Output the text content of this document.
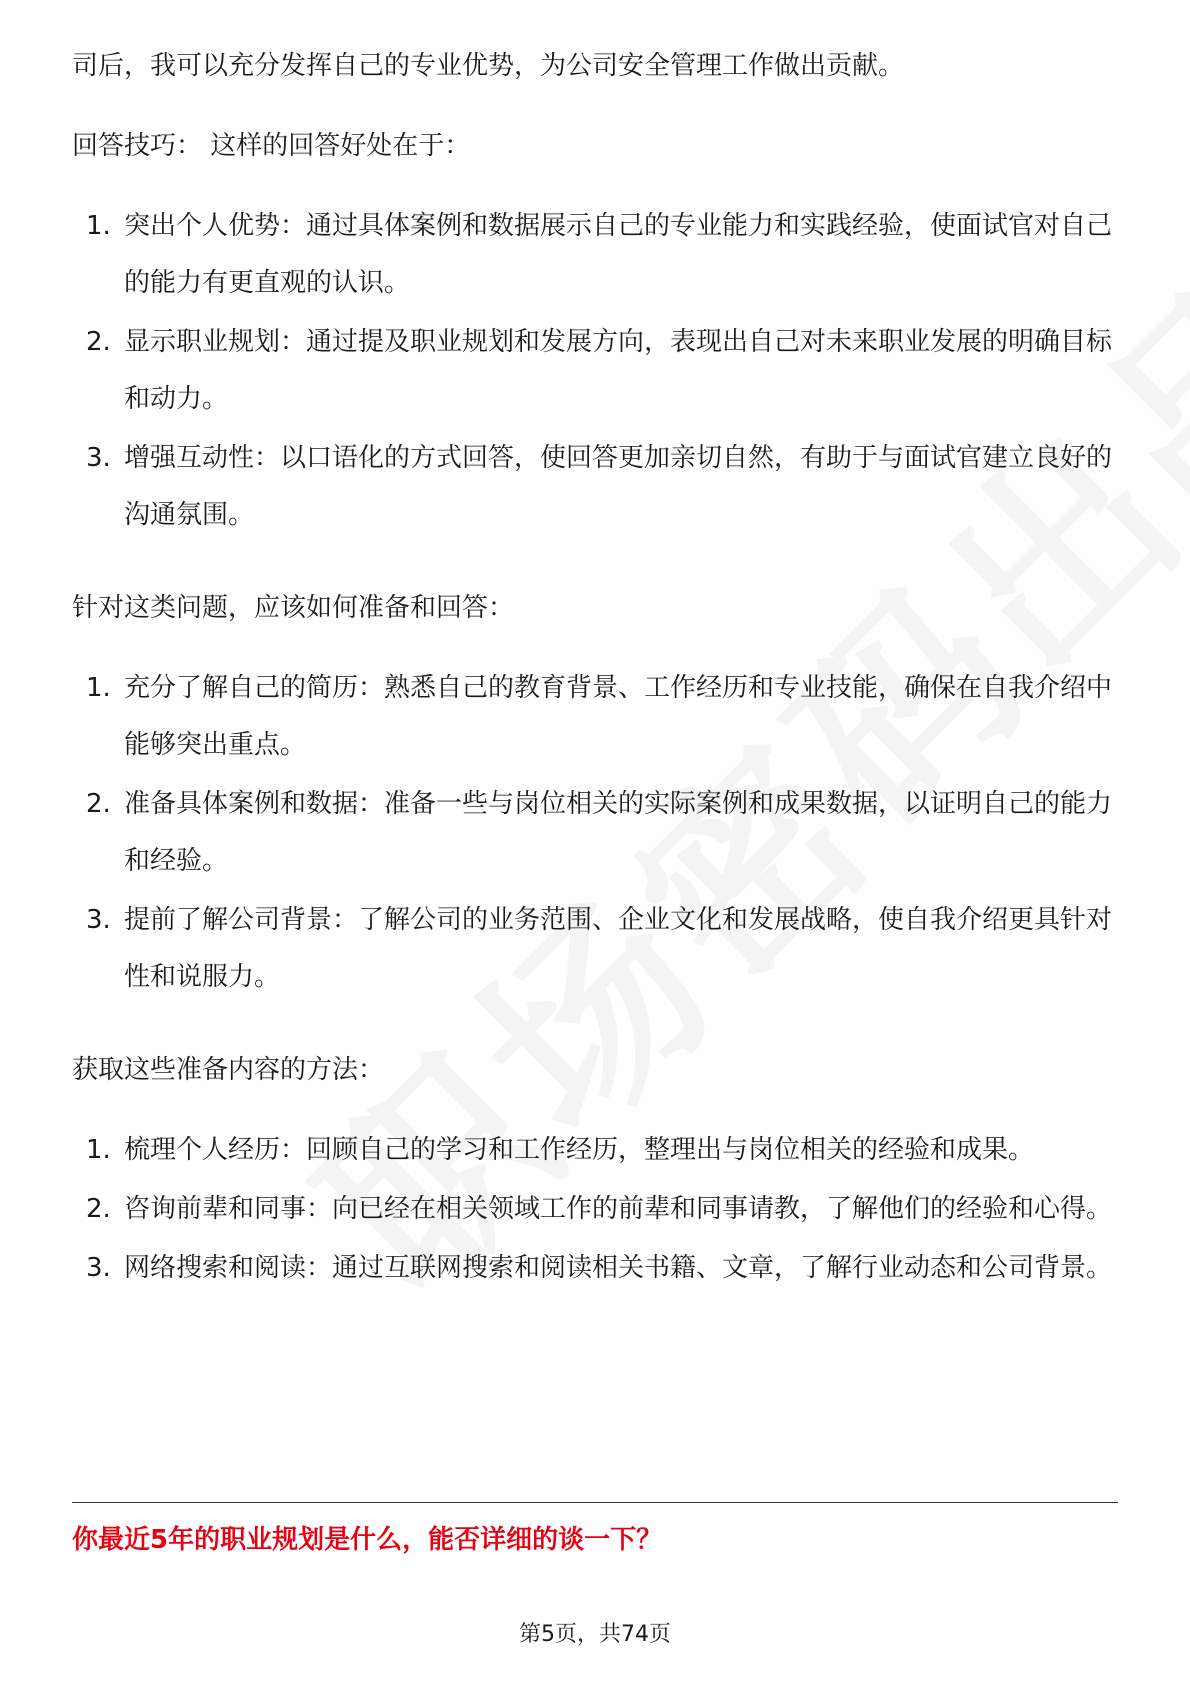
司后，我可以充分发挥自己的专业优势，为公司安全管理工作做出贡献。

回答技巧： 这样的回答好处在于：

1. 突出个人优势：通过具体案例和数据展示自己的专业能力和实践经验，使面试官对自己的能力有更直观的认识。
2. 显示职业规划：通过提及职业规划和发展方向，表现出自己对未来职业发展的明确目标和动力。
3. 增强互动性：以口语化的方式回答，使回答更加亲切自然，有助于与面试官建立良好的沟通氛围。

针对这类问题，应该如何准备和回答：

1. 充分了解自己的简历：熟悉自己的教育背景、工作经历和专业技能，确保在自我介绍中能够突出重点。
2. 准备具体案例和数据：准备一些与岗位相关的实际案例和成果数据，以证明自己的能力和经验。
3. 提前了解公司背景：了解公司的业务范围、企业文化和发展战略，使自我介绍更具针对性和说服力。

获取这些准备内容的方法：

1. 梳理个人经历：回顾自己的学习和工作经历，整理出与岗位相关的经验和成果。
2. 咨询前辈和同事：向已经在相关领域工作的前辈和同事请教，了解他们的经验和心得。
3. 网络搜索和阅读：通过互联网搜索和阅读相关书籍、文章，了解行业动态和公司背景。
你最近5年的职业规划是什么，能否详细的谈一下？
第5页，共74页
